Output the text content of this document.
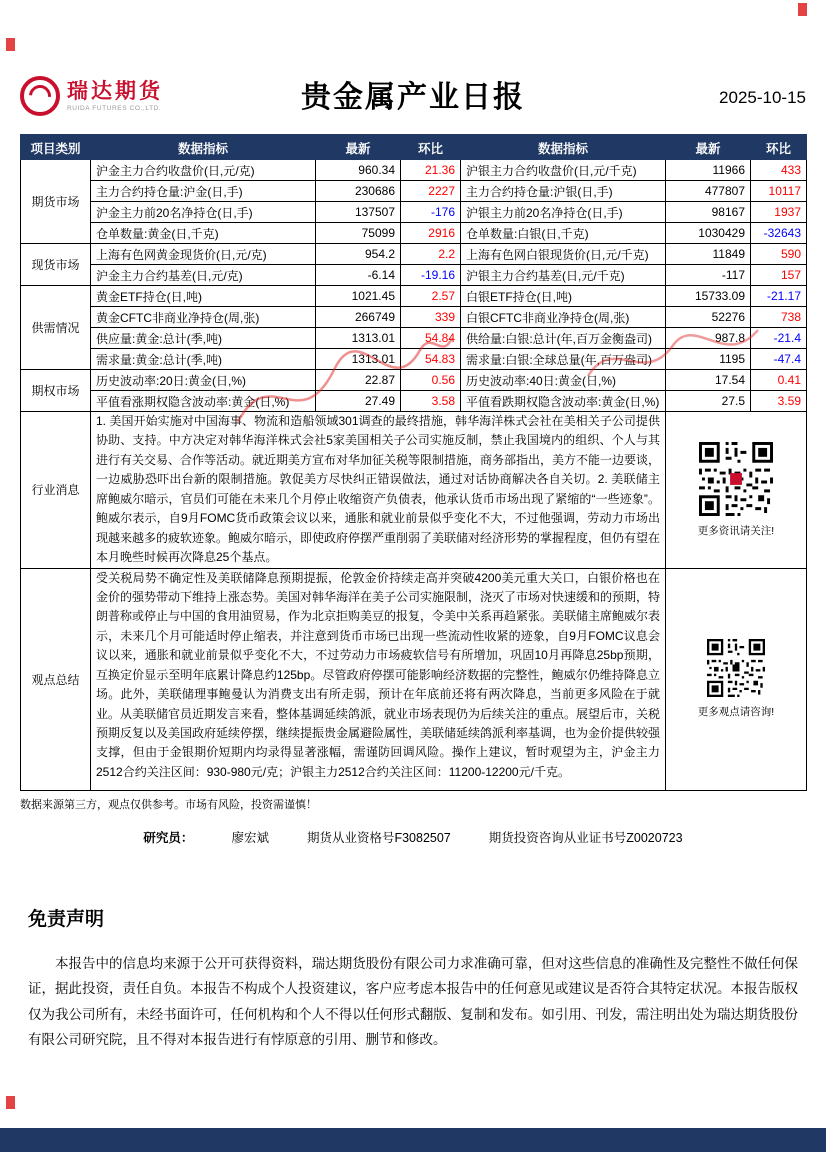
瑞达期货
RUIDA FUTURES CO.,LTD.	贵金属产业日报	2025-10-15
项目类别	数据指标	最新	环比	数据指标	最新	环比
期货市场	沪金主力合约收盘价(日,元/克)	960.34	21.36	沪银主力合约收盘价(日,元/千克)	11966	433
	主力合约持仓量:沪金(日,手)	230686	2227	主力合约持仓量:沪银(日,手)	477807	10117
	沪金主力前20名净持仓(日,手)	137507	-176	沪银主力前20名净持仓(日,手)	98167	1937
	仓单数量:黄金(日,千克)	75099	2916	仓单数量:白银(日,千克)	1030429	-32643
现货市场	上海有色网黄金现货价(日,元/克)	954.2	2.2	上海有色网白银现货价(日,元/千克)	11849	590
	沪金主力合约基差(日,元/克)	-6.14	-19.16	沪银主力合约基差(日,元/千克)	-117	157
供需情况	黄金ETF持仓(日,吨)	1021.45	2.57	白银ETF持仓(日,吨)	15733.09	-21.17
	黄金CFTC非商业净持仓(周,张)	266749	339	白银CFTC非商业净持仓(周,张)	52276	738
	供应量:黄金:总计(季,吨)	1313.01	54.84	供给量:白银:总计(年,百万金衡盎司)	987.8	-21.4
	需求量:黄金:总计(季,吨)	1313.01	54.83	需求量:白银:全球总量(年,百万盎司)	1195	-47.4
期权市场	历史波动率:20日:黄金(日,%)	22.87	0.56	历史波动率:40日:黄金(日,%)	17.54	0.41
	平值看涨期权隐含波动率:黄金(日,%)	27.49	3.58	平值看跌期权隐含波动率:黄金(日,%)	27.5	3.59
行业消息	1. 美国开始实施对中国海事、物流和造船领域301调查的最终措施，韩华海洋株式会社在美相关子公司提供协助、支持。中方决定对韩华海洋株式会社5家美国相关子公司实施反制，禁止我国境内的组织、个人与其进行有关交易、合作等活动。就近期美方宣布对华加征关税等限制措施，商务部指出，美方不能一边要谈，一边威胁恐吓出台新的限制措施。敦促美方尽快纠正错误做法，通过对话协商解决各自关切。2. 美联储主席鲍威尔暗示，官员们可能在未来几个月停止收缩资产负债表，他承认货币市场出现了紧缩的“一些迹象”。鲍威尔表示，自9月FOMC货币政策会议以来，通胀和就业前景似乎变化不大，不过他强调，劳动力市场出现越来越多的疲软迹象。鲍威尔暗示，即使政府停摆严重削弱了美联储对经济形势的掌握程度，但仍有望在本月晚些时候再次降息25个基点。				更多资讯请关注!	

观点总结	受关税局势不确定性及美联储降息预期提振，伦敦金价持续走高并突破4200美元重大关口，白银价格也在金价的强势带动下维持上涨态势。美国对韩华海洋在美子公司实施限制，浇灭了市场对快速缓和的预期，特朗普称或停止与中国的食用油贸易，作为北京拒购美豆的报复，令美中关系再趋紧张。美联储主席鲍威尔表示，未来几个月可能适时停止缩表，并注意到货币市场已出现一些流动性收紧的迹象，自9月FOMC议息会议以来，通胀和就业前景似乎变化不大，不过劳动力市场疲软信号有所增加，巩固10月再降息25bp预期，互换定价显示至明年底累计降息约125bp。尽管政府停摆可能影响经济数据的完整性，鲍威尔仍维持降息立场。此外，美联储理事鲍曼认为消费支出有所走弱，预计在年底前还将有两次降息，当前更多风险在于就业。从美联储官员近期发言来看，整体基调延续鸽派，就业市场表现仍为后续关注的重点。展望后市，关税预期反复以及美国政府延续停摆，继续提振贵金属避险属性，美联储延续鸽派利率基调，也为金价提供较强支撑，但由于金银期价短期内均录得显著涨幅，需谨防回调风险。操作上建议，暂时观望为主，沪金主力2512合约关注区间：930-980元/克；沪银主力2512合约关注区间：11200-12200元/千克。				更多观点请咨询!	
数据来源第三方，观点仅供参考。市场有风险，投资需谨慎！
研究员：	廖宏斌	期货从业资格号F3082507	期货投资咨询从业证书号Z0020723
免责声明
本报告中的信息均来源于公开可获得资料，瑞达期货股份有限公司力求准确可靠，但对这些信息的准确性及完整性不做任何保证，据此投资，责任自负。本报告不构成个人投资建议，客户应考虑本报告中的任何意见或建议是否符合其特定状况。本报告版权仅为我公司所有，未经书面许可，任何机构和个人不得以任何形式翻版、复制和发布。如引用、刊发，需注明出处为瑞达期货股份有限公司研究院，且不得对本报告进行有悖原意的引用、删节和修改。
